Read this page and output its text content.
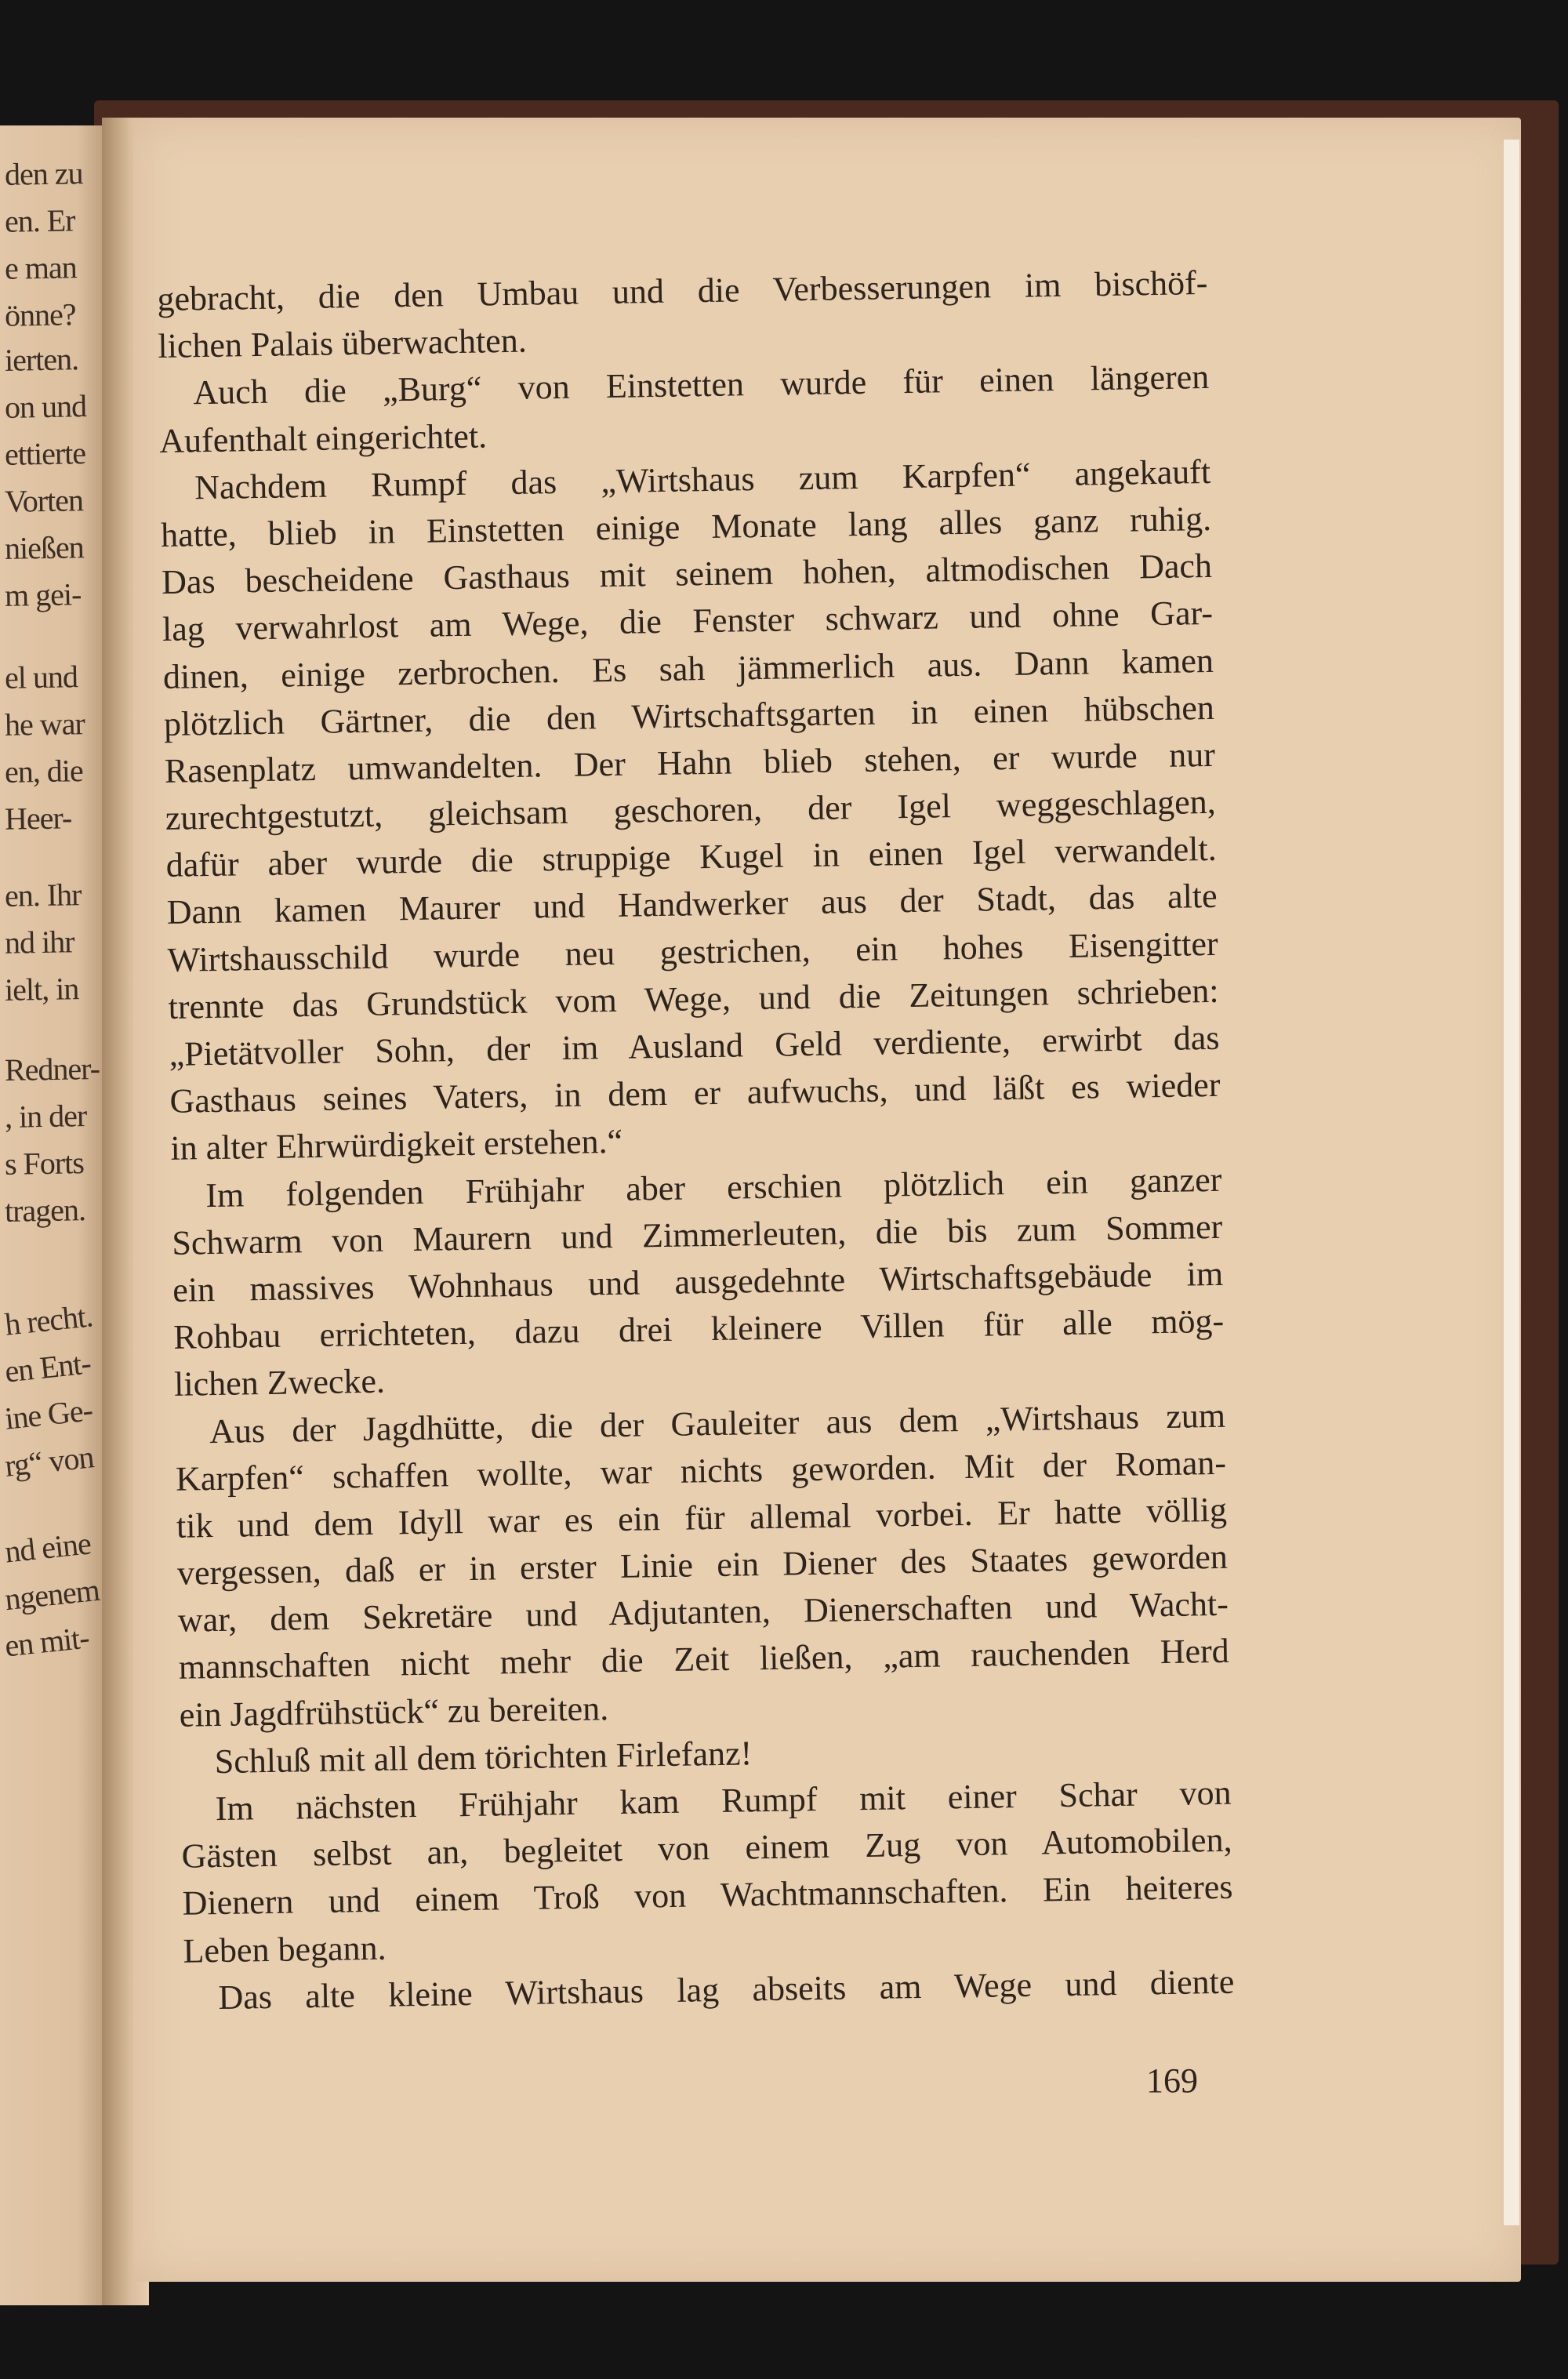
den zu
en. Er
e man
önne?
ierten.
on und
ettierte
Vorten
nießen
m gei-
el und
he war
en, die
Heer-
en. Ihr
nd ihr
ielt, in
Redner-
, in der
s Forts
tragen.
h recht.
en Ent-
ine Ge-
rg“ von
nd eine
ngenem
en mit-
gebracht, die den Umbau und die Verbesserungen im bischöf-
lichen Palais überwachten.
Auch die „Burg“ von Einstetten wurde für einen längeren
Aufenthalt eingerichtet.
Nachdem Rumpf das „Wirtshaus zum Karpfen“ angekauft
hatte, blieb in Einstetten einige Monate lang alles ganz ruhig.
Das bescheidene Gasthaus mit seinem hohen, altmodischen Dach
lag verwahrlost am Wege, die Fenster schwarz und ohne Gar-
dinen, einige zerbrochen. Es sah jämmerlich aus. Dann kamen
plötzlich Gärtner, die den Wirtschaftsgarten in einen hübschen
Rasenplatz umwandelten. Der Hahn blieb stehen, er wurde nur
zurechtgestutzt, gleichsam geschoren, der Igel weggeschlagen,
dafür aber wurde die struppige Kugel in einen Igel verwandelt.
Dann kamen Maurer und Handwerker aus der Stadt, das alte
Wirtshausschild wurde neu gestrichen, ein hohes Eisengitter
trennte das Grundstück vom Wege, und die Zeitungen schrieben:
„Pietätvoller Sohn, der im Ausland Geld verdiente, erwirbt das
Gasthaus seines Vaters, in dem er aufwuchs, und läßt es wieder
in alter Ehrwürdigkeit erstehen.“
Im folgenden Frühjahr aber erschien plötzlich ein ganzer
Schwarm von Maurern und Zimmerleuten, die bis zum Sommer
ein massives Wohnhaus und ausgedehnte Wirtschaftsgebäude im
Rohbau errichteten, dazu drei kleinere Villen für alle mög-
lichen Zwecke.
Aus der Jagdhütte, die der Gauleiter aus dem „Wirtshaus zum
Karpfen“ schaffen wollte, war nichts geworden. Mit der Roman-
tik und dem Idyll war es ein für allemal vorbei. Er hatte völlig
vergessen, daß er in erster Linie ein Diener des Staates geworden
war, dem Sekretäre und Adjutanten, Dienerschaften und Wacht-
mannschaften nicht mehr die Zeit ließen, „am rauchenden Herd
ein Jagdfrühstück“ zu bereiten.
Schluß mit all dem törichten Firlefanz!
Im nächsten Frühjahr kam Rumpf mit einer Schar von
Gästen selbst an, begleitet von einem Zug von Automobilen,
Dienern und einem Troß von Wachtmannschaften. Ein heiteres
Leben begann.
Das alte kleine Wirtshaus lag abseits am Wege und diente
169
